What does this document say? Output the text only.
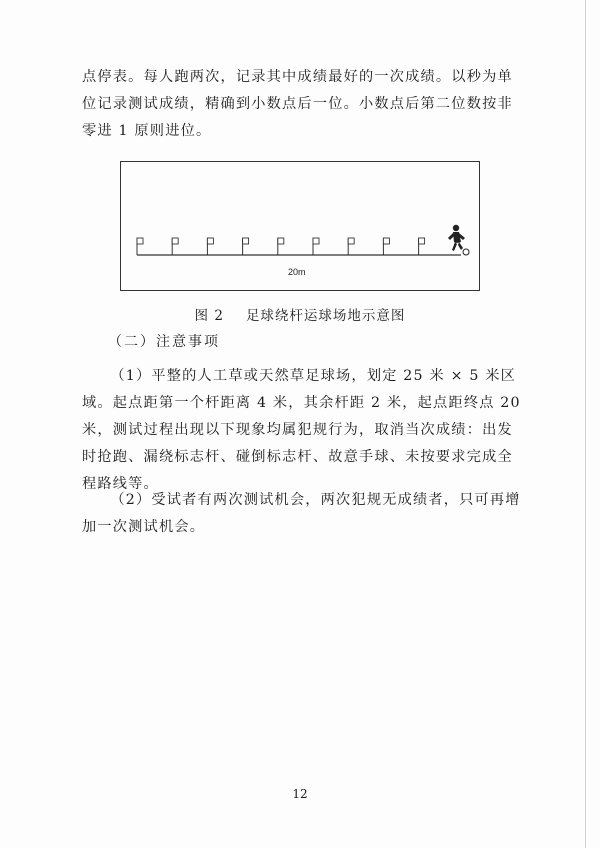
点停表。每人跑两次，记录其中成绩最好的一次成绩。以秒为单位记录测试成绩，精确到小数点后一位。小数点后第二位数按非零进 1 原则进位。
20m
图 2 足球绕杆运球场地示意图
（二）注意事项
（1）平整的人工草或天然草足球场，划定 25 米 × 5 米区域。起点距第一个杆距离 4 米，其余杆距 2 米，起点距终点 20 米，测试过程出现以下现象均属犯规行为，取消当次成绩：出发时抢跑、漏绕标志杆、碰倒标志杆、故意手球、未按要求完成全程路线等。
（2）受试者有两次测试机会，两次犯规无成绩者，只可再增加一次测试机会。
12
